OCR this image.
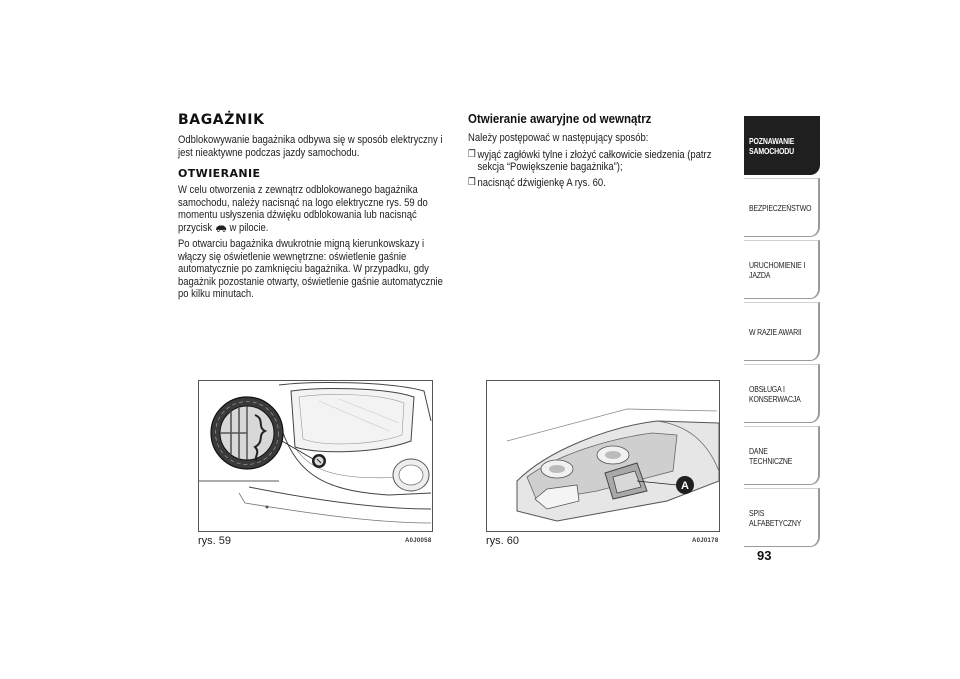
BAGAŻNIK

Odblokowywanie bagażnika odbywa się w sposób elektryczny i jest nieaktywne podczas jazdy samochodu.

OTWIERANIE

W celu otworzenia z zewnątrz odblokowanego bagażnika samochodu, należy nacisnąć na logo elektryczne rys. 59 do momentu usłyszenia dźwięku odblokowania lub nacisnąć przycisk w pilocie.

Po otwarciu bagażnika dwukrotnie migną kierunkowskazy i włączy się oświetlenie wewnętrzne: oświetlenie gaśnie automatycznie po zamknięciu bagażnika. W przypadku, gdy bagażnik pozostanie otwarty, oświetlenie gaśnie automatycznie po kilku minutach.

Otwieranie awaryjne od wewnątrz

Należy postępować w następujący sposób:

❒ wyjąć zagłówki tylne i złożyć całkowicie siedzenia (patrz sekcja “Powiększenie bagażnika”);
❒ nacisnąć dźwigienkę A rys. 60.
rys. 59	A0J0058
A
rys. 60	A0J0178
POZNAWANIE
SAMOCHODU
BEZPIECZEŃSTWO
URUCHOMIENIE I
JAZDA
W RAZIE AWARII
OBSŁUGA I
KONSERWACJA
DANE TECHNICZNE
SPIS ALFABETYCZNY
93
